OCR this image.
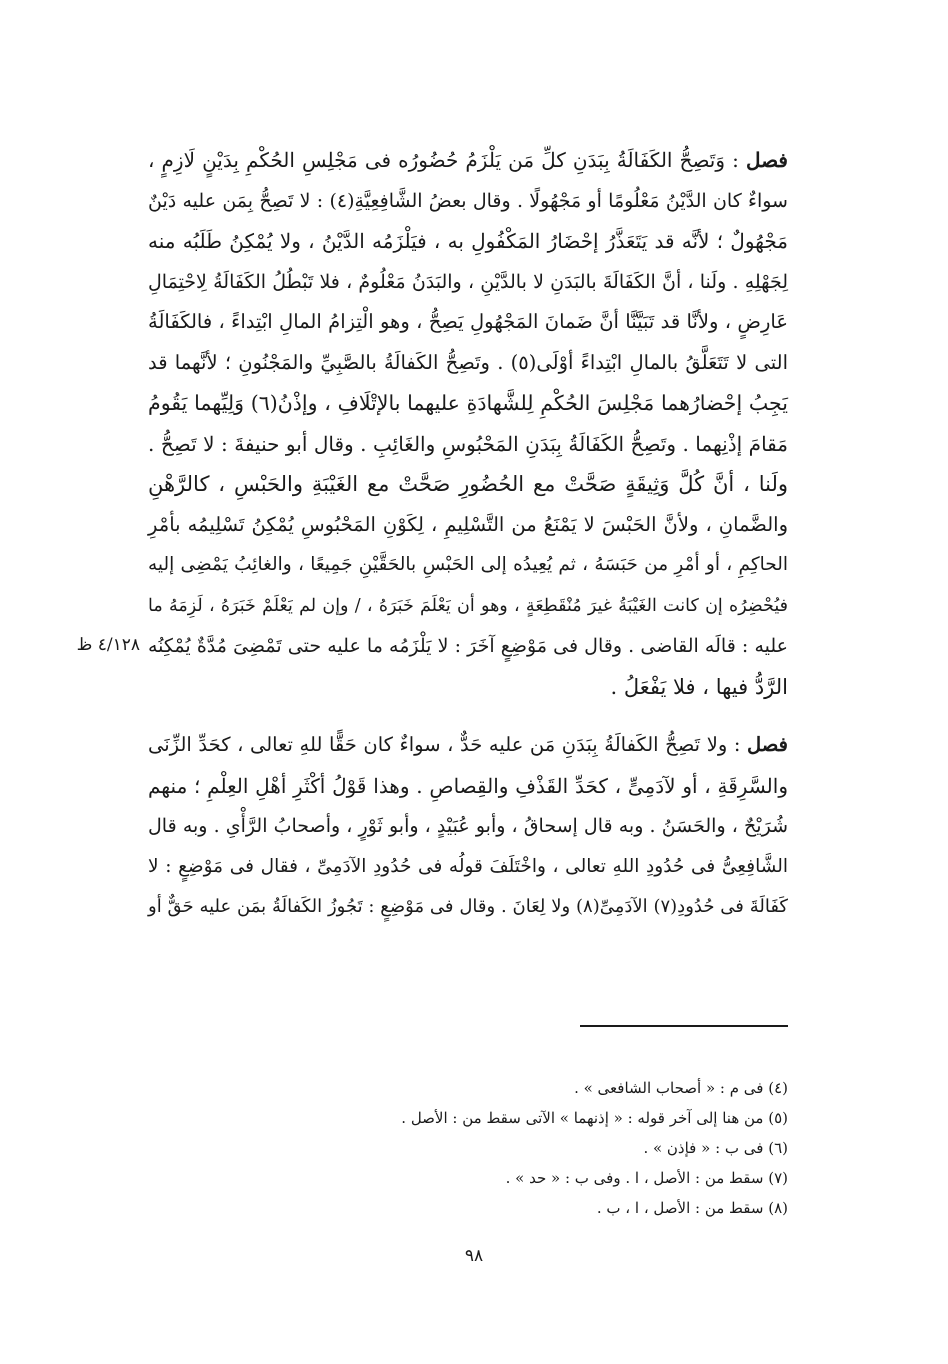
فصل : وَتَصِحُّ الكَفَالَةُ بِبَدَنِ كلِّ مَن يَلْزَمُ حُضُورُه فى مَجْلِسِ الحُكْمِ بِدَيْنٍ لَازِمٍ ،
سواءٌ كان الدَّيْنُ مَعْلُومًا أو مَجْهُولًا . وقال بعضُ الشَّافِعِيَّةِ(٤) : لا تَصِحُّ بِمَن عليه دَيْنٌ
مَجْهُولٌ ؛ لأنَّه قد يَتَعَذَّرُ إحْضَارُ المَكْفُولِ به ، فيَلْزَمُه الدَّيْنُ ، ولا يُمْكِنُ طَلَبُه منه
لِجَهْلِهِ . ولَنا ، أنَّ الكَفَالَةَ بالبَدَنِ لا بالدَّيْنِ ، والبَدَنُ مَعْلُومٌ ، فلا تَبْطُلُ الكَفَالَةُ لِاحْتِمَالِ
عَارِضٍ ، ولأنَّا قد تَبَيَّنَّا أنَّ ضَمانَ المَجْهُولِ يَصِحُّ ، وهو الْتِزامُ المالِ ابْتِداءً ، فالكَفَالَةُ
التى لا تَتَعَلَّقُ بالمالِ ابْتِداءً أوْلَى(٥) . وتَصِحُّ الكَفالَةُ بالصَّبِيِّ والمَجْنُونِ ؛ لأنَّهما قد
يَجِبُ إحْضارُهما مَجْلِسَ الحُكْمِ لِلشَّهادَةِ عليهما بالإتْلَافِ ، وإذْنُ(٦) وَلِيِّهما يَقُومُ
مَقامَ إذْنِهما . وتَصِحُّ الكَفَالَةُ بِبَدَنِ المَحْبُوسِ والغَائِبِ . وقال أبو حنيفةَ : لا تَصِحُّ .
ولَنا ، أنَّ كُلَّ وَثِيقَةٍ صَحَّتْ مع الحُضُورِ صَحَّتْ مع الغَيْبَةِ والحَبْسِ ، كالرَّهْنِ
والضَّمانِ ، ولأنَّ الحَبْسَ لا يَمْنَعُ من التَّسْلِيمِ ، لِكَوْنِ المَحْبُوسِ يُمْكِنُ تَسْلِيمُه بأمْرِ
الحاكِمِ ، أو أمْرِ من حَبَسَهُ ، ثم يُعِيدُه إلى الحَبْسِ بالحَقَّيْنِ جَمِيعًا ، والغائِبُ يَمْضِى إليه
فيُحْضِرُه إن كانت الغَيْبَةُ غيرَ مُنْقَطِعَةٍ ، وهو أن يَعْلَمَ خَبَرَهُ ، / وإن لم يَعْلَمْ خَبَرَهُ ، لَزِمَهُ ما
عليه : قالَه القاضى . وقال فى مَوْضِعٍ آخَرَ : لا يَلْزَمُه ما عليه حتى تَمْضِىَ مُدَّةٌ يُمْكِنُه
الرَّدُّ فيها ، فلا يَفْعَلُ .

فصل : ولا تَصِحُّ الكَفالَةُ بِبَدَنِ مَن عليه حَدٌّ ، سواءٌ كان حَقًّا للهِ تعالى ، كحَدِّ الزِّنَى
والسَّرِقَةِ ، أو لآدَمِىٍّ ، كحَدِّ القَذْفِ والقِصاصِ . وهذا قَوْلُ أكْثَرِ أهْلِ العِلْمِ ؛ منهم
شُرَيْحٌ ، والحَسَنُ . وبه قال إسحاقُ ، وأبو عُبَيْدٍ ، وأبو ثَوْرٍ ، وأصحابُ الرَّأْىِ . وبه قال
الشَّافِعِىُّ فى حُدُودِ اللهِ تعالى ، واخْتَلَفَ قولُه فى حُدُودِ الآدَمِىِّ ، فقال فى مَوْضِعٍ : لا
كَفَالَةَ فى حُدُودِ(٧) الآدَمِىِّ(٨) ولا لِعَانَ . وقال فى مَوْضِعٍ : تَجُوزُ الكَفالَةُ بمَن عليه حَقٌّ أو

٤/١٢٨ ظ
(٤) فى م : « أصحاب الشافعى » .
(٥) من هنا إلى آخر قوله : « إذنهما » الآتى سقط من : الأصل .
(٦) فى ب : « فإذن » .
(٧) سقط من : الأصل ، ا . وفى ب : « حد » .
(٨) سقط من : الأصل ، ا ، ب .
٩٨
